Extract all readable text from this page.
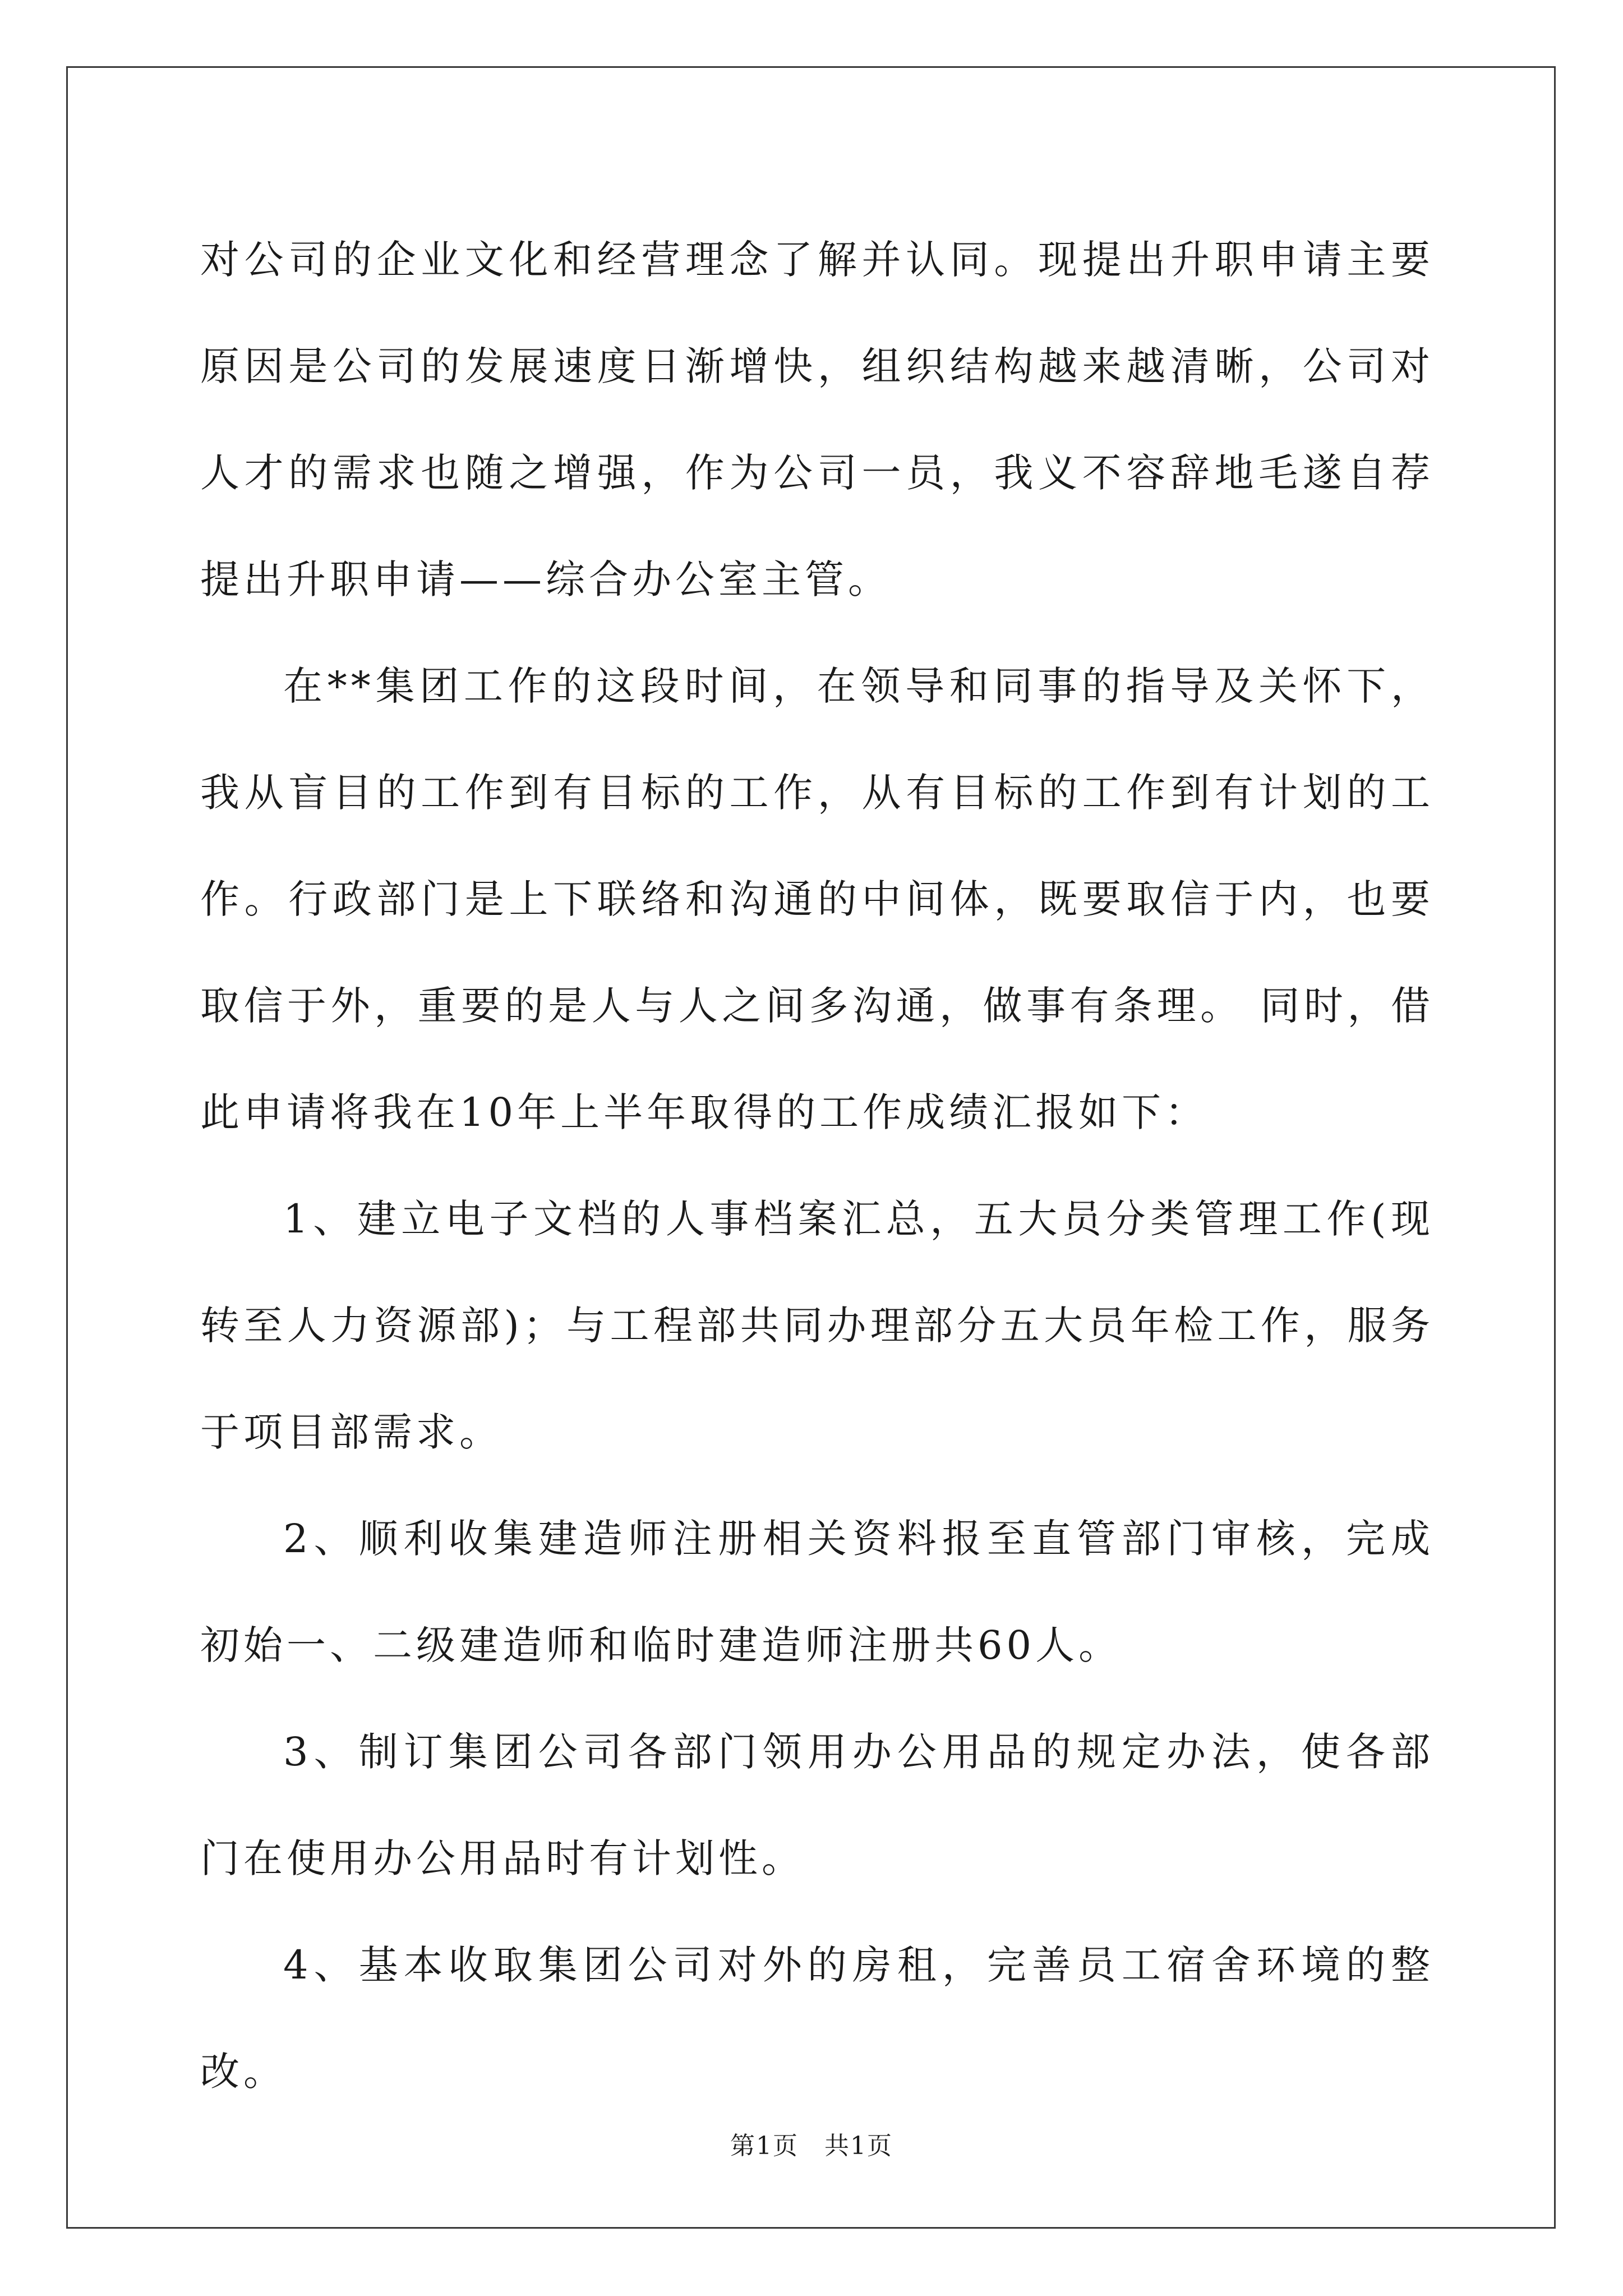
对公司的企业文化和经营理念了解并认同。现提出升职申请主要原因是公司的发展速度日渐增快，组织结构越来越清晰，公司对人才的需求也随之增强，作为公司一员，我义不容辞地毛遂自荐提出升职申请——综合办公室主管。

在**集团工作的这段时间，在领导和同事的指导及关怀下，我从盲目的工作到有目标的工作，从有目标的工作到有计划的工作。行政部门是上下联络和沟通的中间体，既要取信于内，也要取信于外，重要的是人与人之间多沟通，做事有条理。 同时，借此申请将我在10年上半年取得的工作成绩汇报如下：

1、建立电子文档的人事档案汇总，五大员分类管理工作(现转至人力资源部)；与工程部共同办理部分五大员年检工作，服务于项目部需求。

2、顺利收集建造师注册相关资料报至直管部门审核，完成初始一、二级建造师和临时建造师注册共60人。

3、制订集团公司各部门领用办公用品的规定办法，使各部门在使用办公用品时有计划性。

4、基本收取集团公司对外的房租，完善员工宿舍环境的整改。

第1页　共1页
